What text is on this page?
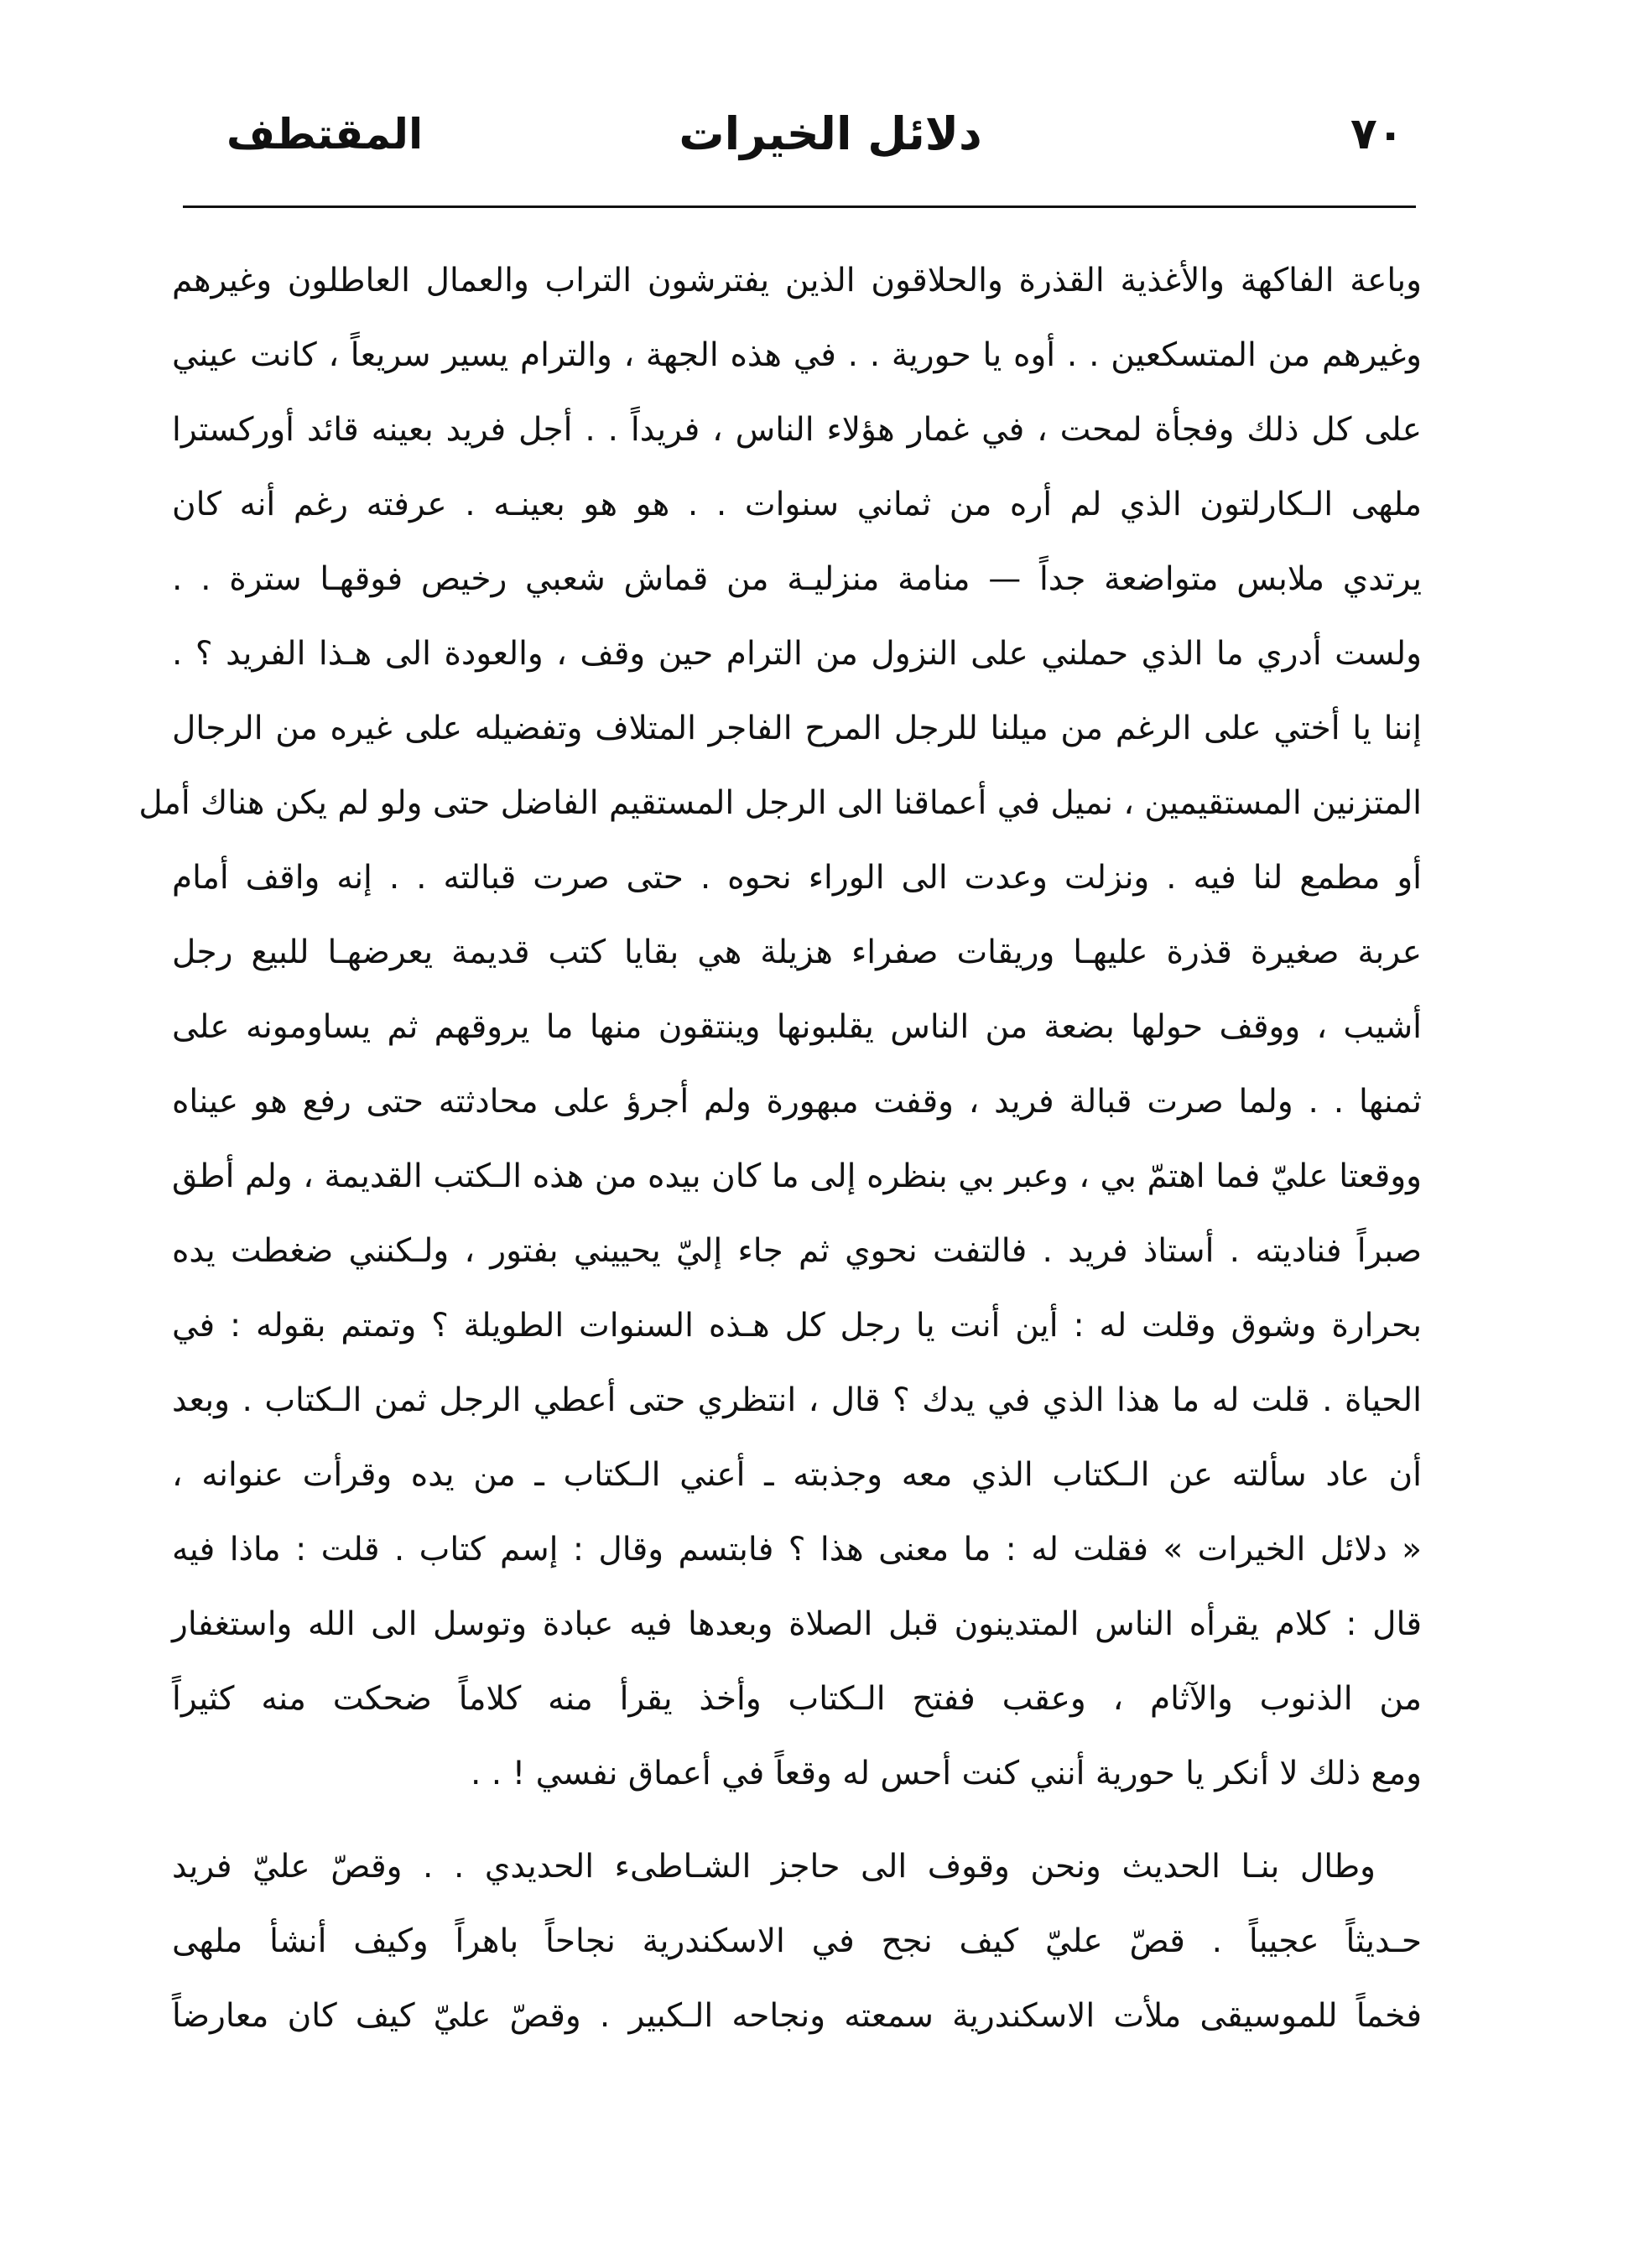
٧٠
دلائل الخيرات
المقتطف
وباعة الفاكهة والأغذية القذرة والحلاقون الذين يفترشون التراب والعمال العاطلون وغيرهم
وغيرهم من المتسكعين . . أوه يا حورية . . في هذه الجهة ، والترام يسير سريعاً ، كانت عيني
على كل ذلك وفجأة لمحت ، في غمار هؤلاء الناس ، فريداً . . أجل فريد بعينه قائد أوركسترا
ملهى الـكارلتون الذي لم أره من ثماني سنوات . . هو هو بعينـه . عرفته رغم أنه كان
يرتدي ملابس متواضعة جداً — منامة منزليـة من قماش شعبي رخيص فوقهـا سترة . .
ولست أدري ما الذي حملني على النزول من الترام حين وقف ، والعودة الى هـذا الفريد ؟ .
إننا يا أختي على الرغم من ميلنا للرجل المرح الفاجر المتلاف وتفضيله على غيره من الرجال
المتزنين المستقيمين ، نميل في أعماقنا الى الرجل المستقيم الفاضل حتى ولو لم يكن هناك أمل
أو مطمع لنا فيه . ونزلت وعدت الى الوراء نحوه . حتى صرت قبالته . . إنه واقف أمام
عربة صغيرة قذرة عليهـا وريقات صفراء هزيلة هي بقايا كتب قديمة يعرضهـا للبيع رجل
أشيب ، ووقف حولها بضعة من الناس يقلبونها وينتقون منها ما يروقهم ثم يساومونه على
ثمنها . . ولما صرت قبالة فريد ، وقفت مبهورة ولم أجرؤ على محادثته حتى رفع هو عيناه
ووقعتا عليّ فما اهتمّ بي ، وعبر بي بنظره إلى ما كان بيده من هذه الـكتب القديمة ، ولم أطق
صبراً فناديته . أستاذ فريد . فالتفت نحوي ثم جاء إليّ يحييني بفتور ، ولـكنني ضغطت يده
بحرارة وشوق وقلت له : أين أنت يا رجل كل هـذه السنوات الطويلة ؟ وتمتم بقوله : في
الحياة . قلت له ما هذا الذي في يدك ؟ قال ، انتظري حتى أعطي الرجل ثمن الـكتاب . وبعد
أن عاد سألته عن الـكتاب الذي معه وجذبته ـ أعني الـكتاب ـ من يده وقرأت عنوانه ،
« دلائل الخيرات » فقلت له : ما معنى هذا ؟ فابتسم وقال : إسم كتاب . قلت : ماذا فيه
قال : كلام يقرأه الناس المتدينون قبل الصلاة وبعدها فيه عبادة وتوسل الى الله واستغفار
من الذنوب والآثام ، وعقب ففتح الـكتاب وأخذ يقرأ منه كلاماً ضحكت منه كثيراً
ومع ذلك لا أنكر يا حورية أنني كنت أحس له وقعاً في أعماق نفسي ! . .
وطال بنـا الحديث ونحن وقوف الى حاجز الشـاطىء الحديدي . . وقصّ عليّ فريد
حـديثاً عجيباً . قصّ عليّ كيف نجح في الاسكندرية نجاحاً باهراً وكيف أنشأ ملهى
فخماً للموسيقى ملأت الاسكندرية سمعته ونجاحه الـكبير . وقصّ عليّ كيف كان معارضاً
